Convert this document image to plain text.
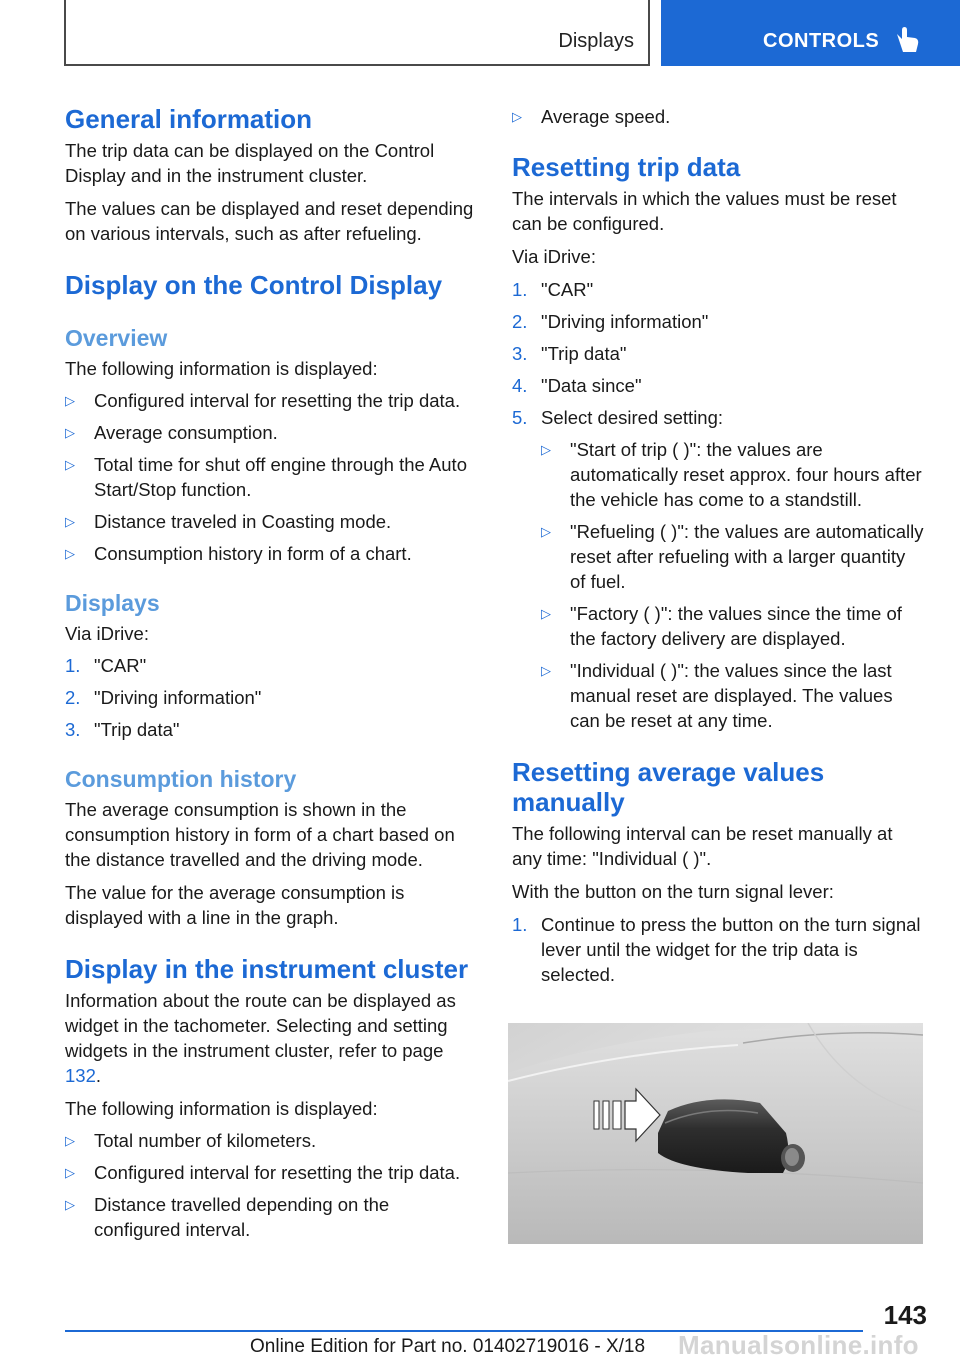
Displays	CONTROLS
General information

The trip data can be displayed on the Control Display and in the instrument cluster.

The values can be displayed and reset depending on various intervals, such as after refueling.

Display on the Control Display
Overview

The following information is displayed:

▷ Configured interval for resetting the trip data.
▷ Average consumption.
▷ Total time for shut off engine through the Auto Start/Stop function.
▷ Distance traveled in Coasting mode.
▷ Consumption history in form of a chart.
Displays

Via iDrive:

1. "CAR"
2. "Driving information"
3. "Trip data"
Consumption history

The average consumption is shown in the consumption history in form of a chart based on the distance travelled and the driving mode.

The value for the average consumption is displayed with a line in the graph.

Display in the instrument cluster

Information about the route can be displayed as widget in the tachometer. Selecting and setting widgets in the instrument cluster, refer to page 132.

The following information is displayed:

▷ Total number of kilometers.
▷ Configured interval for resetting the trip data.
▷ Distance travelled depending on the configured interval.
▷ Average speed.
Resetting trip data

The intervals in which the values must be reset can be configured.

Via iDrive:

1. "CAR"
2. "Driving information"
3. "Trip data"
4. "Data since"
5. Select desired setting:
▷ "Start of trip ( )": the values are automatically reset approx. four hours after the vehicle has come to a standstill.
▷ "Refueling ( )": the values are automatically reset after refueling with a larger quantity of fuel.
▷ "Factory ( )": the values since the time of the factory delivery are displayed.
▷ "Individual ( )": the values since the last manual reset are displayed. The values can be reset at any time.
Resetting average values manually

The following interval can be reset manually at any time: "Individual ( )".

With the button on the turn signal lever:

1. Continue to press the button on the turn signal lever until the widget for the trip data is selected.
143
Online Edition for Part no. 01402719016 - X/18 Manualsonline.info
